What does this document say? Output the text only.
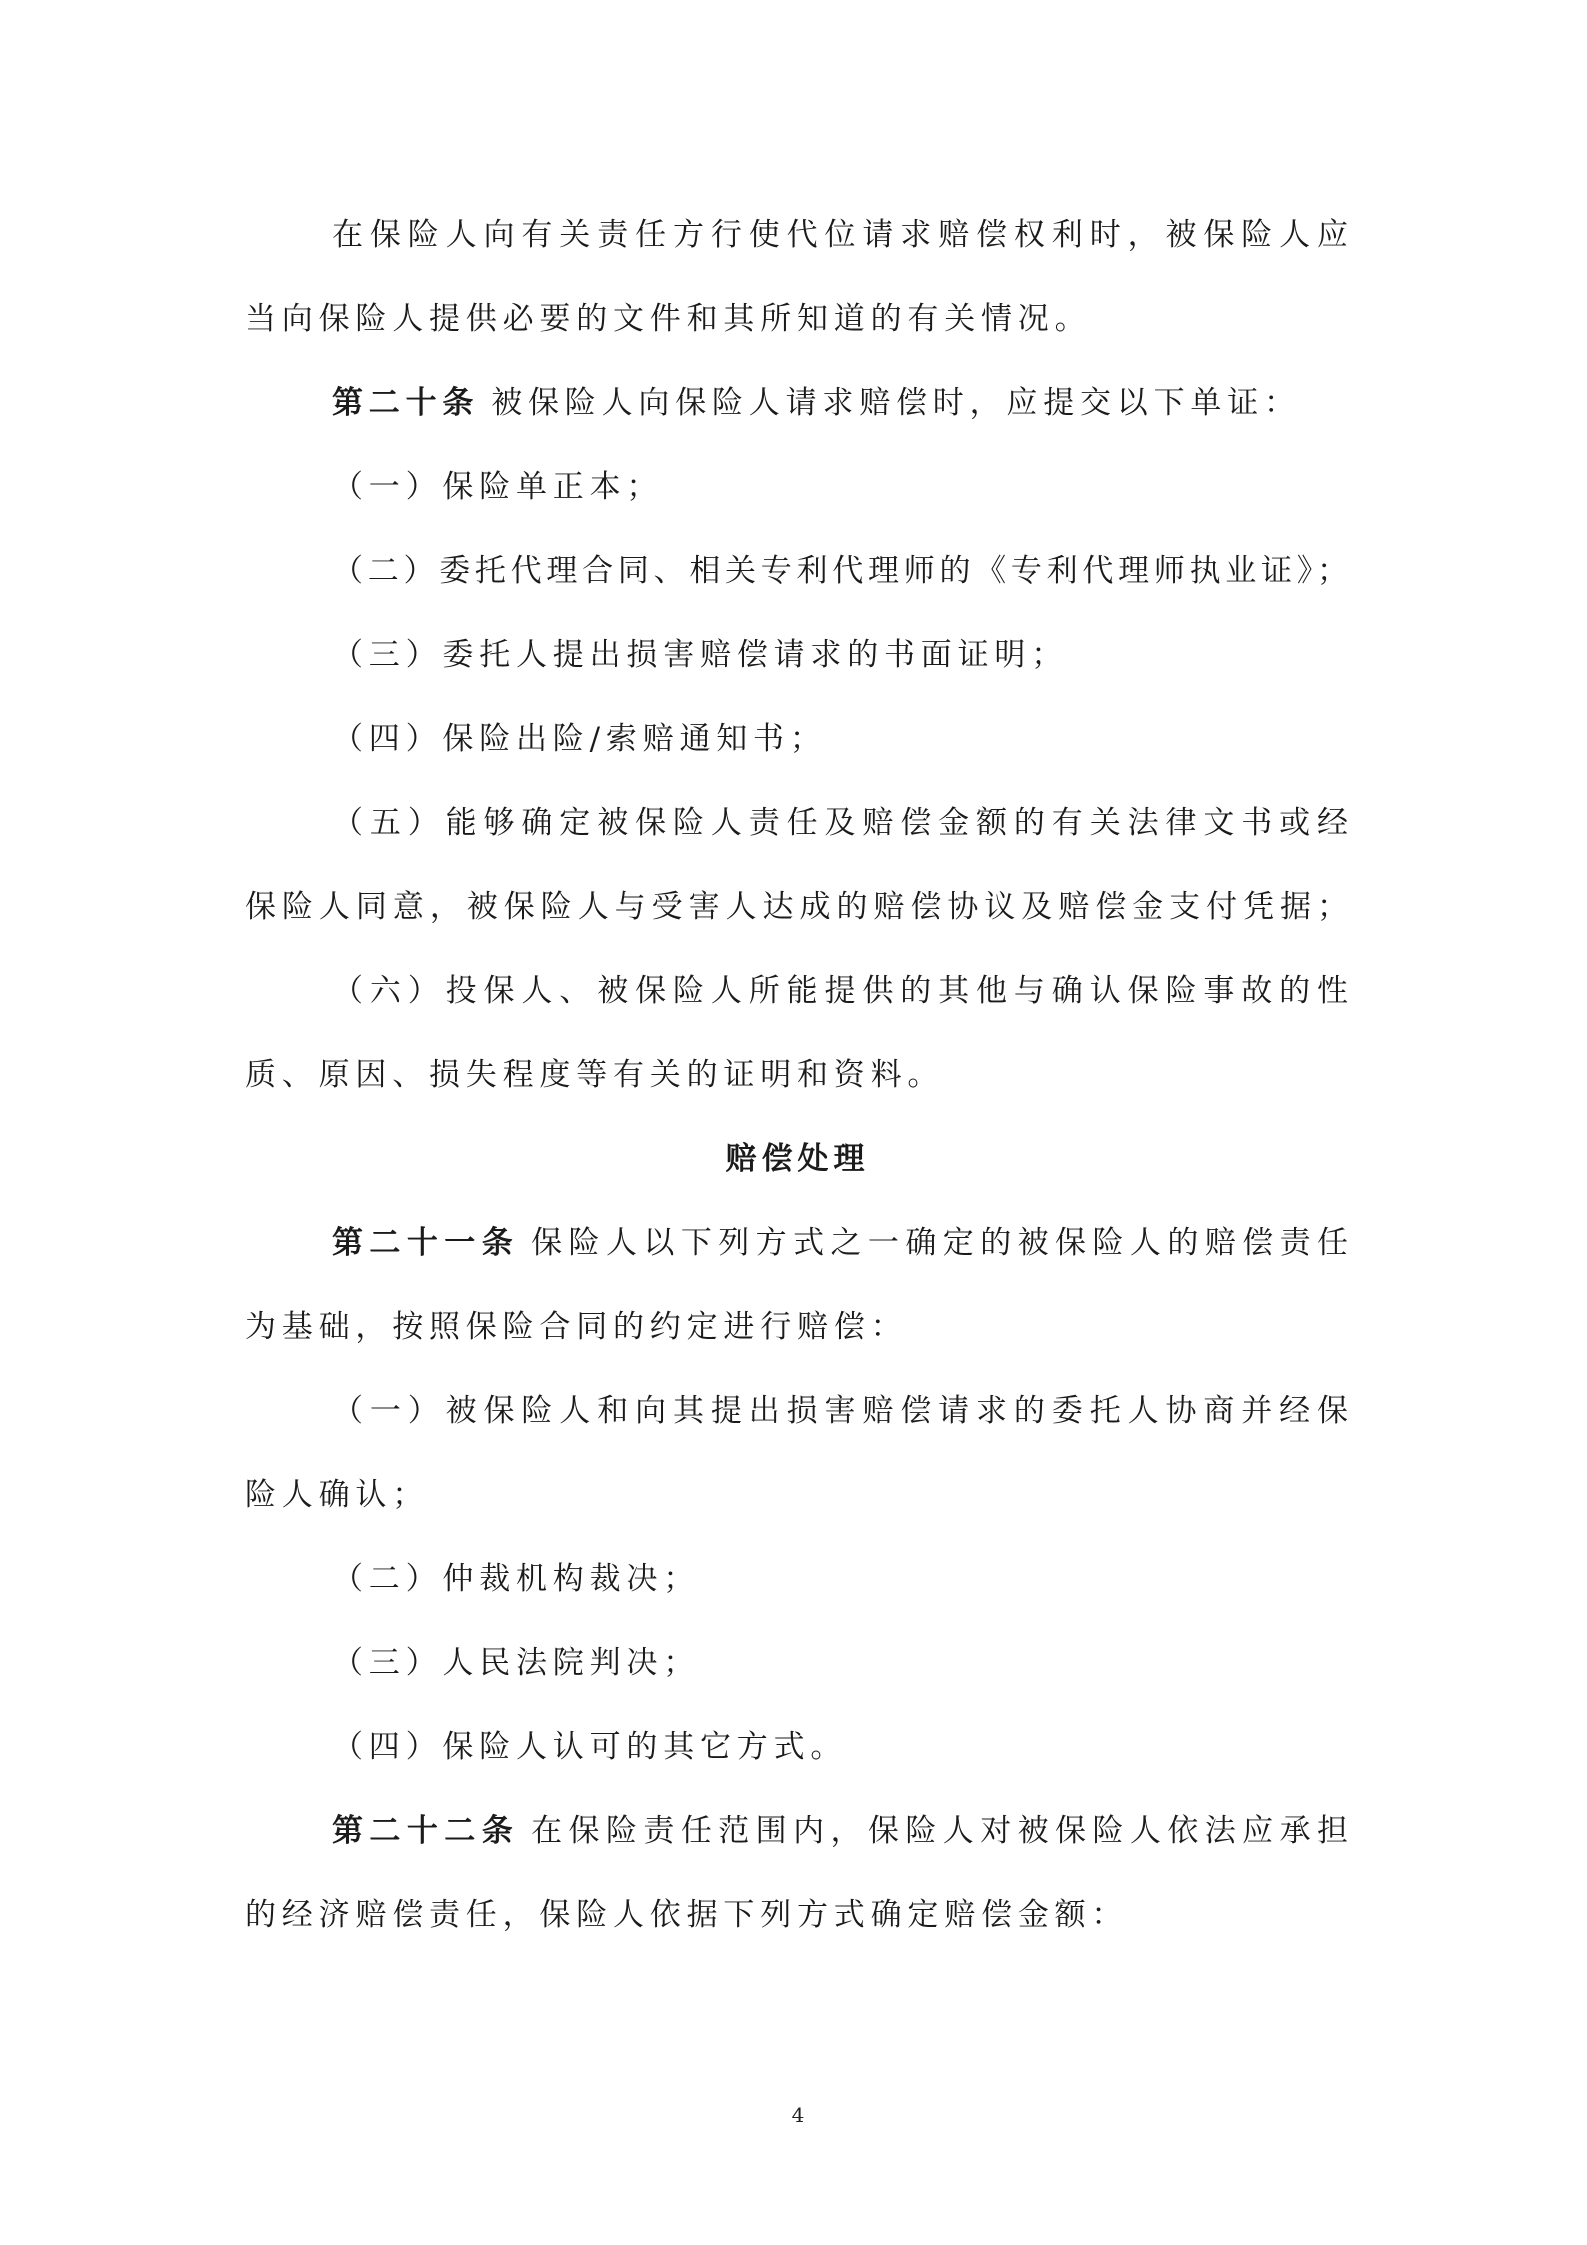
在保险人向有关责任方行使代位请求赔偿权利时，被保险人应
当向保险人提供必要的文件和其所知道的有关情况。
第二十条 被保险人向保险人请求赔偿时，应提交以下单证：
（一）保险单正本；
（二）委托代理合同、相关专利代理师的《专利代理师执业证》；
（三）委托人提出损害赔偿请求的书面证明；
（四）保险出险/索赔通知书；
（五）能够确定被保险人责任及赔偿金额的有关法律文书或经
保险人同意，被保险人与受害人达成的赔偿协议及赔偿金支付凭据；
（六）投保人、被保险人所能提供的其他与确认保险事故的性
质、原因、损失程度等有关的证明和资料。
赔偿处理
第二十一条 保险人以下列方式之一确定的被保险人的赔偿责任
为基础，按照保险合同的约定进行赔偿：
（一）被保险人和向其提出损害赔偿请求的委托人协商并经保
险人确认；
（二）仲裁机构裁决；
（三）人民法院判决；
（四）保险人认可的其它方式。
第二十二条 在保险责任范围内，保险人对被保险人依法应承担
的经济赔偿责任，保险人依据下列方式确定赔偿金额：
4
